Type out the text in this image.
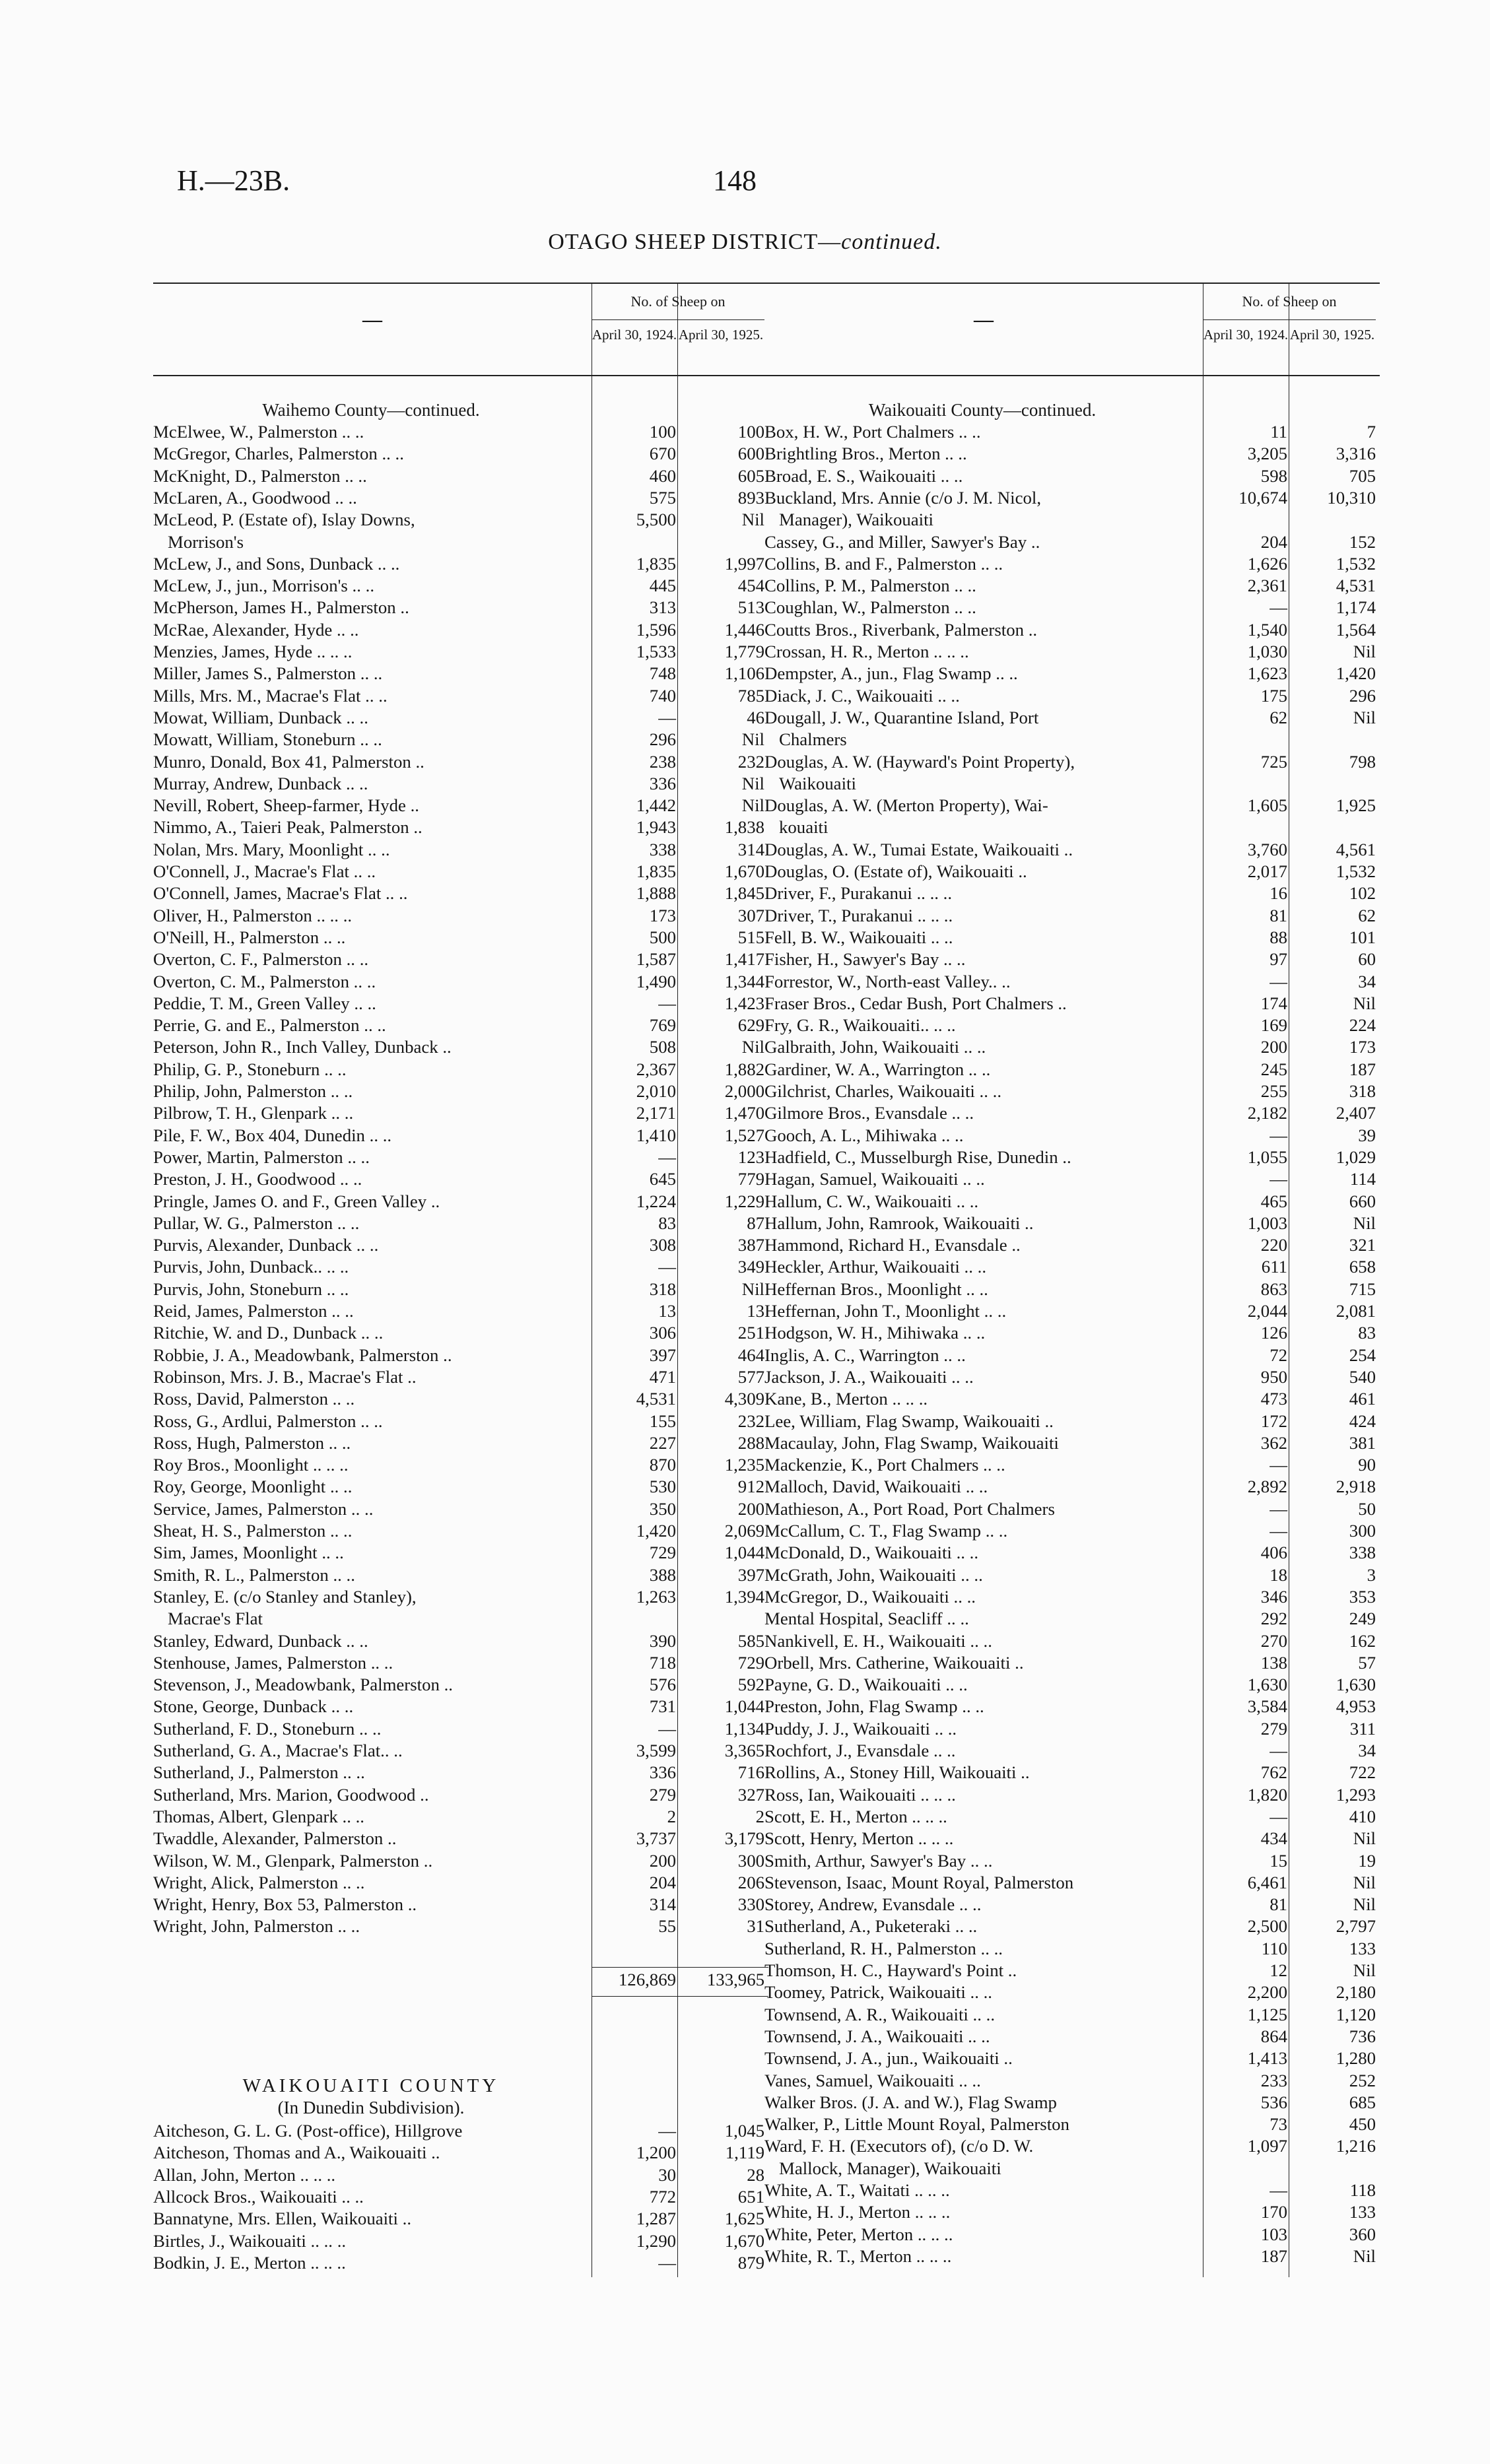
H.—23B.	148
OTAGO SHEEP DISTRICT—continued.
—
No. of Sheep on
April 30, 1924. April 30, 1925.
Waihemo County—continued.
McElwee, W., Palmerston .. ..	100	100
McGregor, Charles, Palmerston .. ..	670	600
McKnight, D., Palmerston .. ..	460	605
McLaren, A., Goodwood .. ..	575	893
McLeod, P. (Estate of), Islay Downs,	5,500	Nil
Morrison's
McLew, J., and Sons, Dunback .. ..	1,835	1,997
McLew, J., jun., Morrison's .. ..	445	454
McPherson, James H., Palmerston ..	313	513
McRae, Alexander, Hyde .. ..	1,596	1,446
Menzies, James, Hyde .. .. ..	1,533	1,779
Miller, James S., Palmerston .. ..	748	1,106
Mills, Mrs. M., Macrae's Flat .. ..	740	785
Mowat, William, Dunback .. ..	—	46
Mowatt, William, Stoneburn .. ..	296	Nil
Munro, Donald, Box 41, Palmerston ..	238	232
Murray, Andrew, Dunback .. ..	336	Nil
Nevill, Robert, Sheep-farmer, Hyde ..	1,442	Nil
Nimmo, A., Taieri Peak, Palmerston ..	1,943	1,838
Nolan, Mrs. Mary, Moonlight .. ..	338	314
O'Connell, J., Macrae's Flat .. ..	1,835	1,670
O'Connell, James, Macrae's Flat .. ..	1,888	1,845
Oliver, H., Palmerston .. .. ..	173	307
O'Neill, H., Palmerston .. ..	500	515
Overton, C. F., Palmerston .. ..	1,587	1,417
Overton, C. M., Palmerston .. ..	1,490	1,344
Peddie, T. M., Green Valley .. ..	—	1,423
Perrie, G. and E., Palmerston .. ..	769	629
Peterson, John R., Inch Valley, Dunback ..	508	Nil
Philip, G. P., Stoneburn .. ..	2,367	1,882
Philip, John, Palmerston .. ..	2,010	2,000
Pilbrow, T. H., Glenpark .. ..	2,171	1,470
Pile, F. W., Box 404, Dunedin .. ..	1,410	1,527
Power, Martin, Palmerston .. ..	—	123
Preston, J. H., Goodwood .. ..	645	779
Pringle, James O. and F., Green Valley ..	1,224	1,229
Pullar, W. G., Palmerston .. ..	83	87
Purvis, Alexander, Dunback .. ..	308	387
Purvis, John, Dunback.. .. ..	—	349
Purvis, John, Stoneburn .. ..	318	Nil
Reid, James, Palmerston .. ..	13	13
Ritchie, W. and D., Dunback .. ..	306	251
Robbie, J. A., Meadowbank, Palmerston ..	397	464
Robinson, Mrs. J. B., Macrae's Flat ..	471	577
Ross, David, Palmerston .. ..	4,531	4,309
Ross, G., Ardlui, Palmerston .. ..	155	232
Ross, Hugh, Palmerston .. ..	227	288
Roy Bros., Moonlight .. .. ..	870	1,235
Roy, George, Moonlight .. ..	530	912
Service, James, Palmerston .. ..	350	200
Sheat, H. S., Palmerston .. ..	1,420	2,069
Sim, James, Moonlight .. ..	729	1,044
Smith, R. L., Palmerston .. ..	388	397
Stanley, E. (c/o Stanley and Stanley),	1,263	1,394
Macrae's Flat
Stanley, Edward, Dunback .. ..	390	585
Stenhouse, James, Palmerston .. ..	718	729
Stevenson, J., Meadowbank, Palmerston ..	576	592
Stone, George, Dunback .. ..	731	1,044
Sutherland, F. D., Stoneburn .. ..	—	1,134
Sutherland, G. A., Macrae's Flat.. ..	3,599	3,365
Sutherland, J., Palmerston .. ..	336	716
Sutherland, Mrs. Marion, Goodwood ..	279	327
Thomas, Albert, Glenpark .. ..	2	2
Twaddle, Alexander, Palmerston ..	3,737	3,179
Wilson, W. M., Glenpark, Palmerston ..	200	300
Wright, Alick, Palmerston .. ..	204	206
Wright, Henry, Box 53, Palmerston ..	314	330
Wright, John, Palmerston .. ..	55	31
126,869	133,965
WAIKOUAITI COUNTY
(In Dunedin Subdivision).
Aitcheson, G. L. G. (Post-office), Hillgrove	—	1,045
Aitcheson, Thomas and A., Waikouaiti ..	1,200	1,119
Allan, John, Merton .. .. ..	30	28
Allcock Bros., Waikouaiti .. ..	772	651
Bannatyne, Mrs. Ellen, Waikouaiti ..	1,287	1,625
Birtles, J., Waikouaiti .. .. ..	1,290	1,670
Bodkin, J. E., Merton .. .. ..	—	879
—
No. of Sheep on
April 30, 1924. April 30, 1925.
Waikouaiti County—continued.
Box, H. W., Port Chalmers .. ..	11	7
Brightling Bros., Merton .. ..	3,205	3,316
Broad, E. S., Waikouaiti .. ..	598	705
Buckland, Mrs. Annie (c/o J. M. Nicol,	10,674	10,310
Manager), Waikouaiti
Cassey, G., and Miller, Sawyer's Bay ..	204	152
Collins, B. and F., Palmerston .. ..	1,626	1,532
Collins, P. M., Palmerston .. ..	2,361	4,531
Coughlan, W., Palmerston .. ..	—	1,174
Coutts Bros., Riverbank, Palmerston ..	1,540	1,564
Crossan, H. R., Merton .. .. ..	1,030	Nil
Dempster, A., jun., Flag Swamp .. ..	1,623	1,420
Diack, J. C., Waikouaiti .. ..	175	296
Dougall, J. W., Quarantine Island, Port	62	Nil
Chalmers
Douglas, A. W. (Hayward's Point Property),	725	798
Waikouaiti
Douglas, A. W. (Merton Property), Wai-	1,605	1,925
kouaiti
Douglas, A. W., Tumai Estate, Waikouaiti ..	3,760	4,561
Douglas, O. (Estate of), Waikouaiti ..	2,017	1,532
Driver, F., Purakanui .. .. ..	16	102
Driver, T., Purakanui .. .. ..	81	62
Fell, B. W., Waikouaiti .. ..	88	101
Fisher, H., Sawyer's Bay .. ..	97	60
Forrestor, W., North-east Valley.. ..	—	34
Fraser Bros., Cedar Bush, Port Chalmers ..	174	Nil
Fry, G. R., Waikouaiti.. .. ..	169	224
Galbraith, John, Waikouaiti .. ..	200	173
Gardiner, W. A., Warrington .. ..	245	187
Gilchrist, Charles, Waikouaiti .. ..	255	318
Gilmore Bros., Evansdale .. ..	2,182	2,407
Gooch, A. L., Mihiwaka .. ..	—	39
Hadfield, C., Musselburgh Rise, Dunedin ..	1,055	1,029
Hagan, Samuel, Waikouaiti .. ..	—	114
Hallum, C. W., Waikouaiti .. ..	465	660
Hallum, John, Ramrook, Waikouaiti ..	1,003	Nil
Hammond, Richard H., Evansdale ..	220	321
Heckler, Arthur, Waikouaiti .. ..	611	658
Heffernan Bros., Moonlight .. ..	863	715
Heffernan, John T., Moonlight .. ..	2,044	2,081
Hodgson, W. H., Mihiwaka .. ..	126	83
Inglis, A. C., Warrington .. ..	72	254
Jackson, J. A., Waikouaiti .. ..	950	540
Kane, B., Merton .. .. ..	473	461
Lee, William, Flag Swamp, Waikouaiti ..	172	424
Macaulay, John, Flag Swamp, Waikouaiti	362	381
Mackenzie, K., Port Chalmers .. ..	—	90
Malloch, David, Waikouaiti .. ..	2,892	2,918
Mathieson, A., Port Road, Port Chalmers	—	50
McCallum, C. T., Flag Swamp .. ..	—	300
McDonald, D., Waikouaiti .. ..	406	338
McGrath, John, Waikouaiti .. ..	18	3
McGregor, D., Waikouaiti .. ..	346	353
Mental Hospital, Seacliff .. ..	292	249
Nankivell, E. H., Waikouaiti .. ..	270	162
Orbell, Mrs. Catherine, Waikouaiti ..	138	57
Payne, G. D., Waikouaiti .. ..	1,630	1,630
Preston, John, Flag Swamp .. ..	3,584	4,953
Puddy, J. J., Waikouaiti .. ..	279	311
Rochfort, J., Evansdale .. ..	—	34
Rollins, A., Stoney Hill, Waikouaiti ..	762	722
Ross, Ian, Waikouaiti .. .. ..	1,820	1,293
Scott, E. H., Merton .. .. ..	—	410
Scott, Henry, Merton .. .. ..	434	Nil
Smith, Arthur, Sawyer's Bay .. ..	15	19
Stevenson, Isaac, Mount Royal, Palmerston	6,461	Nil
Storey, Andrew, Evansdale .. ..	81	Nil
Sutherland, A., Puketeraki .. ..	2,500	2,797
Sutherland, R. H., Palmerston .. ..	110	133
Thomson, H. C., Hayward's Point ..	12	Nil
Toomey, Patrick, Waikouaiti .. ..	2,200	2,180
Townsend, A. R., Waikouaiti .. ..	1,125	1,120
Townsend, J. A., Waikouaiti .. ..	864	736
Townsend, J. A., jun., Waikouaiti ..	1,413	1,280
Vanes, Samuel, Waikouaiti .. ..	233	252
Walker Bros. (J. A. and W.), Flag Swamp	536	685
Walker, P., Little Mount Royal, Palmerston	73	450
Ward, F. H. (Executors of), (c/o D. W.	1,097	1,216
Mallock, Manager), Waikouaiti
White, A. T., Waitati .. .. ..	—	118
White, H. J., Merton .. .. ..	170	133
White, Peter, Merton .. .. ..	103	360
White, R. T., Merton .. .. ..	187	Nil
